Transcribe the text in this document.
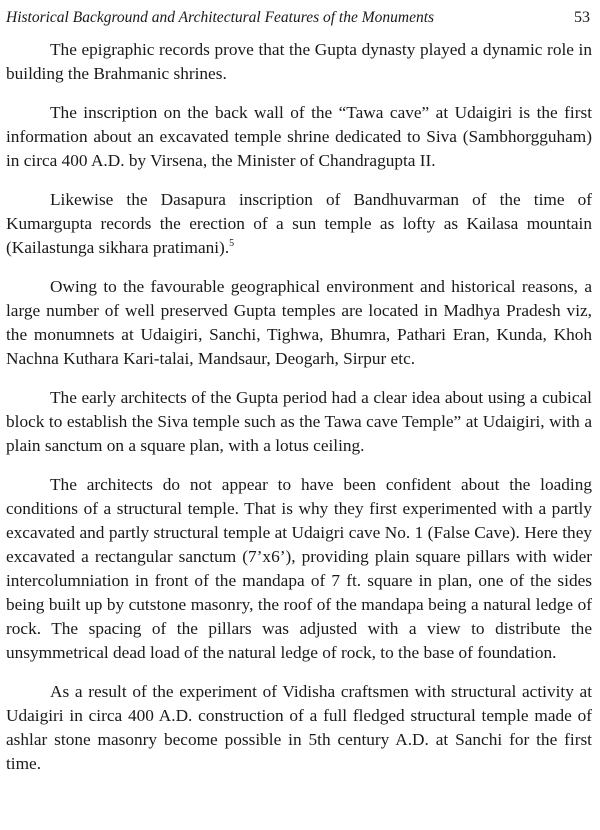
Historical Background and Architectural Features of the Monuments	53

The epigraphic records prove that the Gupta dynasty played a dynamic role in building the Brahmanic shrines.

The inscription on the back wall of the “Tawa cave” at Udaigiri is the first information about an excavated temple shrine dedicated to Siva (Sambhorgguham) in circa 400 A.D. by Virsena, the Minister of Chandragupta II.

Likewise the Dasapura inscription of Bandhuvarman of the time of Kumargupta records the erection of a sun temple as lofty as Kailasa mountain (Kailastunga sikhara pratimani).$^5$

Owing to the favourable geographical environment and historical reasons, a large number of well preserved Gupta temples are located in Madhya Pradesh viz, the monumnets at Udaigiri, Sanchi, Tighwa, Bhumra, Pathari Eran, Kunda, Khoh Nachna Kuthara Kari-talai, Mandsaur, Deogarh, Sirpur etc.

The early architects of the Gupta period had a clear idea about using a cubical block to establish the Siva temple such as the Tawa cave Temple” at Udaigiri, with a plain sanctum on a square plan, with a lotus ceiling.

The architects do not appear to have been confident about the loading conditions of a structural temple. That is why they first experimented with a partly excavated and partly structural temple at Udaigri cave No. 1 (False Cave). Here they excavated a rectangular sanctum (7’x6’), providing plain square pillars with wider intercolumniation in front of the mandapa of 7 ft. square in plan, one of the sides being built up by cutstone masonry, the roof of the mandapa being a natural ledge of rock. The spacing of the pillars was adjusted with a view to distribute the unsymmetrical dead load of the natural ledge of rock, to the base of foundation.

As a result of the experiment of Vidisha craftsmen with structural activity at Udaigiri in circa 400 A.D. construction of a full fledged structural temple made of ashlar stone masonry become possible in 5th century A.D. at Sanchi for the first time.
